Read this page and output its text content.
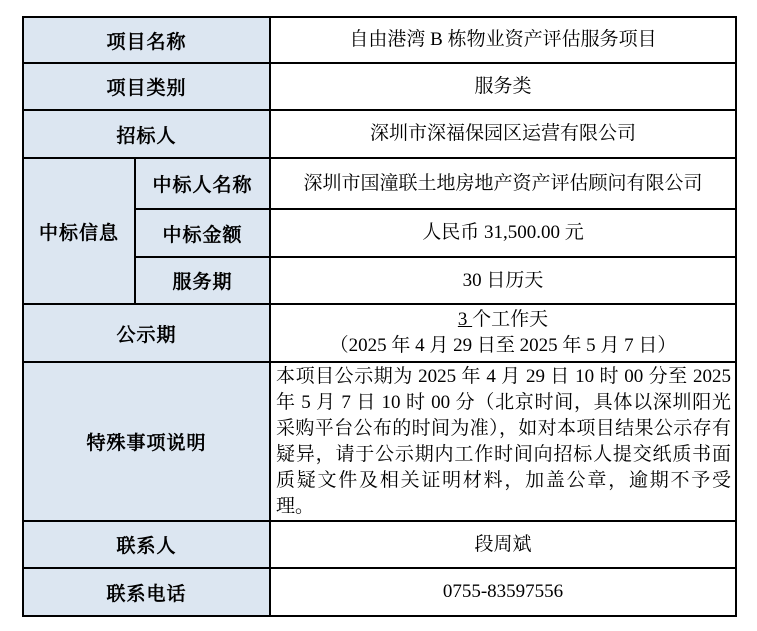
项目名称		自由港湾 B 栋物业资产评估服务项目
项目类别		服务类
招标人		深圳市深福保园区运营有限公司
中标信息	中标人名称	深圳市国潼联土地房地产资产评估顾问有限公司
	中标金额	人民币 31,500.00 元
	服务期	30 日历天
公示期		3 个工作天
（2025 年 4 月 29 日至 2025 年 5 月 7 日）

特殊事项说明		本项目公示期为 2025 年 4 月 29 日 10 时 00 分至 2025 年 5 月 7 日 10 时 00 分（北京时间，具体以深圳阳光采购平台公布的时间为准），如对本项目结果公示存有疑异，请于公示期内工作时间向招标人提交纸质书面质疑文件及相关证明材料，加盖公章，逾期不予受理。
联系人		段周斌
联系电话		0755-83597556
